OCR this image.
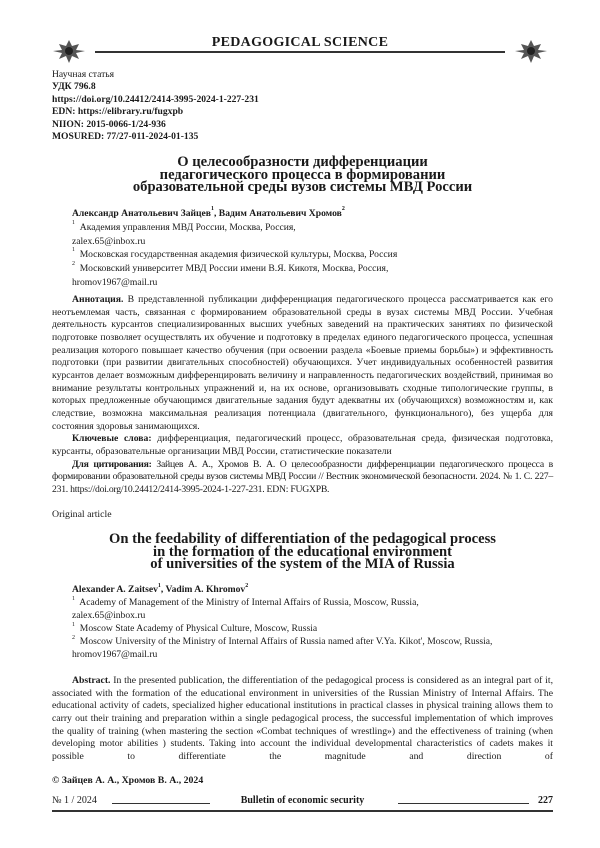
PEDAGOGICAL SCIENCE
Научная статья
УДК 796.8
https://doi.org/10.24412/2414-3995-2024-1-227-231
EDN: https://elibrary.ru/fugxpb
NIION: 2015-0066-1/24-936
MOSURED: 77/27-011-2024-01-135
О целесообразности дифференциации
педагогического процесса в формировании
образовательной среды вузов системы МВД России
Александр Анатольевич Зайцев1, Вадим Анатольевич Хромов2
1 Академия управления МВД России, Москва, Россия,
zalex.65@inbox.ru
1 Московская государственная академия физической культуры, Москва, Россия
2 Московский университет МВД России имени В.Я. Кикотя, Москва, Россия,
hromov1967@mail.ru

Аннотация. В представленной публикации дифференциация педагогического процесса рассматривается как его неотъемлемая часть, связанная с формированием образовательной среды в вузах системы МВД России. Учебная деятельность курсантов специализированных высших учебных заведений на практических занятиях по физической подготовке позволяет осуществлять их обучение и подготовку в пределах единого педагогического процесса, успешная реализация которого повышает качество обучения (при освоении раздела «Боевые приемы борьбы») и эффективность подготовки (при развитии двигательных способностей) обучающихся. Учет индивидуальных особенностей развития курсантов делает возможным дифференцировать величину и направленность педагогических воздействий, принимая во внимание результаты контрольных упражнений и, на их основе, организовывать сходные типологические группы, в которых предложенные обучающимся двигательные задания будут адекватны их (обучающихся) возможностям и, как следствие, возможна максимальная реализация потенциала (двигательного, функционального), без ущерба для состояния здоровья занимающихся.

Ключевые слова: дифференциация, педагогический процесс, образовательная среда, физическая подготовка, курсанты, образовательные организации МВД России, статистические показатели

Для цитирования: Зайцев А. А., Хромов В. А. О целесообразности дифференциации педагогического процесса в формировании образовательной среды вузов системы МВД России // Вестник экономической безопасности. 2024. № 1. С. 227–231. https://doi.org/10.24412/2414-3995-2024-1-227-231. EDN: FUGXPB.

Original article
On the feedability of differentiation of the pedagogical process
in the formation of the educational environment
of universities of the system of the MIA of Russia
Alexander A. Zaitsev1, Vadim A. Khromov2
1 Academy of Management of the Ministry of Internal Affairs of Russia, Moscow, Russia,
zalex.65@inbox.ru
1 Moscow State Academy of Physical Culture, Moscow, Russia
2 Moscow University of the Ministry of Internal Affairs of Russia named after V.Ya. Kikot', Moscow, Russia,
hromov1967@mail.ru

Abstract. In the presented publication, the differentiation of the pedagogical process is considered as an integral part of it, associated with the formation of the educational environment in universities of the Russian Ministry of Internal Affairs. The educational activity of cadets, specialized higher educational institutions in practical classes in physical training allows them to carry out their training and preparation within a single pedagogical process, the successful implementation of which improves the quality of training (when mastering the section «Combat techniques of wrestling») and the effectiveness of training (when developing motor abilities ) students. Taking into account the individual developmental characteristics of cadets makes it possible to differentiate the magnitude and direction of

© Зайцев А. А., Хромов В. А., 2024
№ 1 / 2024	Bulletin of economic security	227
